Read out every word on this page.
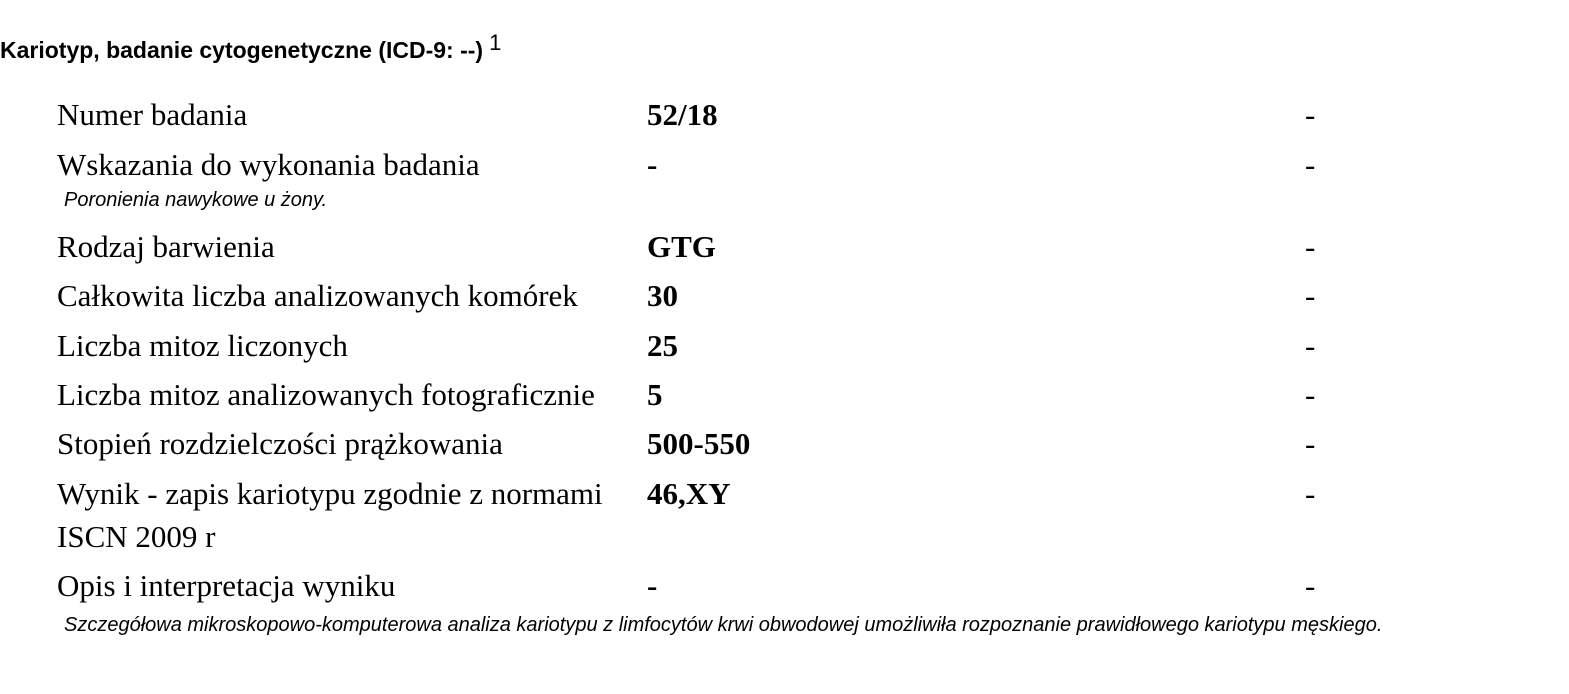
Kariotyp, badanie cytogenetyczne (ICD-9: --) $^1$
Numer badania	52/18	-
Wskazania do wykonania badania	-	-
Poronienia nawykowe u żony.
Rodzaj barwienia	GTG	-
Całkowita liczba analizowanych komórek 30	-
Liczba mitoz liczonych	25	-
Liczba mitoz analizowanych fotograficznie 5	-
Stopień rozdzielczości prążkowania	500-550	-
Wynik - zapis kariotypu zgodnie z normami 46,XY	-
ISCN 2009 r
Opis i interpretacja wyniku	-	-
Szczegółowa mikroskopowo-komputerowa analiza kariotypu z limfocytów krwi obwodowej umożliwiła rozpoznanie prawidłowego kariotypu męskiego.
